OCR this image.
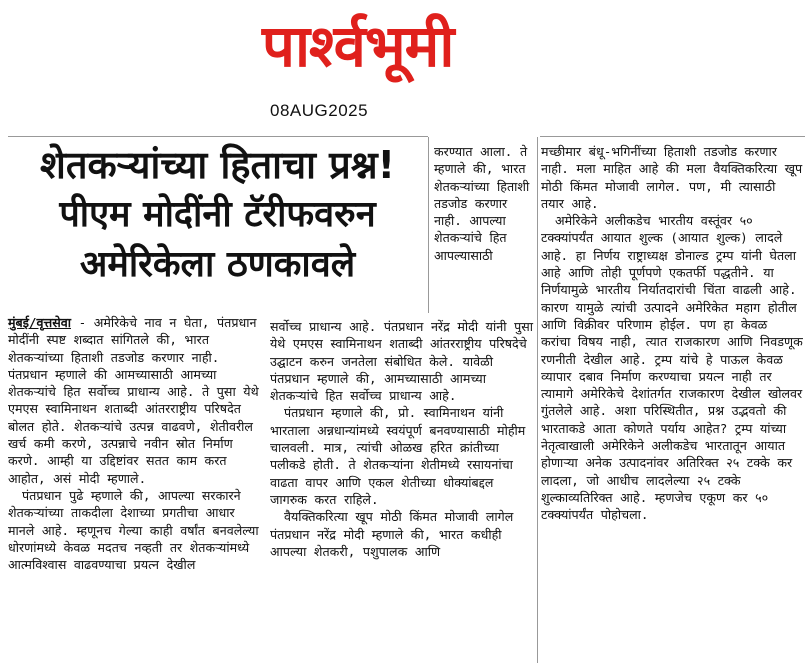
पार्श्वभूमी
08AUG2025
शेतकऱ्यांच्या हिताचा प्रश्न!
पीएम मोदींनी टॅरीफवरुन
अमेरिकेला ठणकावले

मुंबई/वृत्तसेवा - अमेरिकेचे नाव न घेता, पंतप्रधान मोदींनी स्पष्ट शब्दात सांगितले की, भारत शेतकऱ्यांच्या हिताशी तडजोड करणार नाही. पंतप्रधान म्हणाले की आमच्यासाठी आमच्या शेतकऱ्यांचे हित सर्वोच्च प्राधान्य आहे. ते पुसा येथे एमएस स्वामिनाथन शताब्दी आंतरराष्ट्रीय परिषदेत बोलत होते. शेतकऱ्यांचे उत्पन्न वाढवणे, शेतीवरील खर्च कमी करणे, उत्पन्नाचे नवीन स्रोत निर्माण करणे. आम्ही या उद्दिष्टांवर सतत काम करत आहोत, असं मोदी म्हणाले.

पंतप्रधान पुढे म्हणाले की, आपल्या सरकारने शेतकऱ्यांच्या ताकदीला देशाच्या प्रगतीचा आधार मानले आहे. म्हणूनच गेल्या काही वर्षांत बनवलेल्या धोरणांमध्ये केवळ मदतच नव्हती तर शेतकऱ्यांमध्ये आत्मविश्वास वाढवण्याचा प्रयत्न देखील

करण्यात आला. ते म्हणाले की, भारत शेतकऱ्यांच्या हिताशी तडजोड करणार नाही. आपल्या शेतकऱ्यांचे हित आपल्यासाठी

सर्वोच्च प्राधान्य आहे. पंतप्रधान नरेंद्र मोदी यांनी पुसा येथे एमएस स्वामिनाथन शताब्दी आंतरराष्ट्रीय परिषदेचे उद्घाटन करुन जनतेला संबोधित केले. यावेळी पंतप्रधान म्हणाले की, आमच्यासाठी आमच्या शेतकऱ्यांचे हित सर्वोच्च प्राधान्य आहे.

पंतप्रधान म्हणाले की, प्रो. स्वामिनाथन यांनी भारताला अन्नधान्यांमध्ये स्वयंपूर्ण बनवण्यासाठी मोहीम चालवली. मात्र, त्यांची ओळख हरित क्रांतीच्या पलीकडे होती. ते शेतकऱ्यांना शेतीमध्ये रसायनांचा वाढता वापर आणि एकल शेतीच्या धोक्यांबद्दल जागरुक करत राहिले.

वैयक्तिकरित्या खूप मोठी किंमत मोजावी लागेल

पंतप्रधान नरेंद्र मोदी म्हणाले की, भारत कधीही आपल्या शेतकरी, पशुपालक आणि

मच्छीमार बंधू-भगिनींच्या हिताशी तडजोड करणार नाही. मला माहित आहे की मला वैयक्तिकरित्या खूप मोठी किंमत मोजावी लागेल. पण, मी त्यासाठी तयार आहे.

अमेरिकेने अलीकडेच भारतीय वस्तूंवर ५० टक्क्यांपर्यंत आयात शुल्क (आयात शुल्क) लादले आहे. हा निर्णय राष्ट्राध्यक्ष डोनाल्ड ट्रम्प यांनी घेतला आहे आणि तोही पूर्णपणे एकतर्फी पद्धतीने. या निर्णयामुळे भारतीय निर्यातदारांची चिंता वाढली आहे. कारण यामुळे त्यांची उत्पादने अमेरिकेत महाग होतील आणि विक्रीवर परिणाम होईल. पण हा केवळ करांचा विषय नाही, त्यात राजकारण आणि निवडणूक रणनीती देखील आहे. ट्रम्प यांचे हे पाऊल केवळ व्यापार दबाव निर्माण करण्याचा प्रयत्न नाही तर त्यामागे अमेरिकेचे देशांतर्गत राजकारण देखील खोलवर गुंतलेले आहे. अशा परिस्थितीत, प्रश्न उद्भवतो की भारताकडे आता कोणते पर्याय आहेत? ट्रम्प यांच्या नेतृत्वाखाली अमेरिकेने अलीकडेच भारतातून आयात होणाऱ्या अनेक उत्पादनांवर अतिरिक्त २५ टक्के कर लादला, जो आधीच लादलेल्या २५ टक्के शुल्काव्यतिरिक्त आहे. म्हणजेच एकूण कर ५० टक्क्यांपर्यंत पोहोचला.
